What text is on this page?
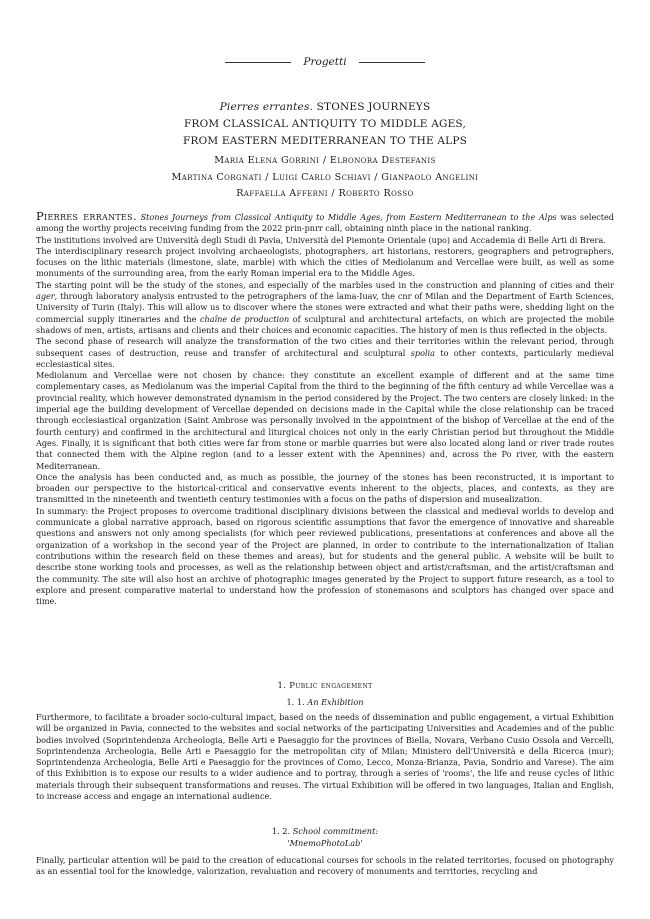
Progetti
Pierres errantes. STONES JOURNEYS
FROM CLASSICAL ANTIQUITY TO MIDDLE AGES,
FROM EASTERN MEDITERRANEAN TO THE ALPS
Maria Elena Gorrini / Elbonora Destefanis
Martina Corgnati / Luigi Carlo Schiavi / Gianpaolo Angelini
Raffaella Afferni / Roberto Rosso

Pierres errantes. Stones Journeys from Classical Antiquity to Middle Ages, from Eastern Mediterranean to the Alps was selected among the worthy projects receiving funding from the 2022 prin-pnrr call, obtaining ninth place in the national ranking.

The institutions involved are Università degli Studi di Pavia, Università del Piemonte Orientale (upo) and Accademia di Belle Arti di Brera.

The interdisciplinary research project involving archaeologists, photographers, art historians, restorers, geographers and petrographers, focuses on the lithic materials (limestone, slate, marble) with which the cities of Mediolanum and Vercellae were built, as well as some monuments of the surrounding area, from the early Roman imperial era to the Middle Ages.

The starting point will be the study of the stones, and especially of the marbles used in the construction and planning of cities and their ager, through laboratory analysis entrusted to the petrographers of the lama-Iuav, the cnr of Milan and the Department of Earth Sciences, University of Turin (Italy). This will allow us to discover where the stones were extracted and what their paths were, shedding light on the commercial supply itineraries and the chaîne de production of sculptural and architectural artefacts, on which are projected the mobile shadows of men, artists, artisans and clients and their choices and economic capacities. The history of men is thus reflected in the objects.

The second phase of research will analyze the transformation of the two cities and their territories within the relevant period, through subsequent cases of destruction, reuse and transfer of architectural and sculptural spolia to other contexts, particularly medieval ecclesiastical sites.

Mediolanum and Vercellae were not chosen by chance: they constitute an excellent example of different and at the same time complementary cases, as Mediolanum was the imperial Capital from the third to the beginning of the fifth century ad while Vercellae was a provincial reality, which however demonstrated dynamism in the period considered by the Project. The two centers are closely linked: in the imperial age the building development of Vercellae depended on decisions made in the Capital while the close relationship can be traced through ecclesiastical organization (Saint Ambrose was personally involved in the appointment of the bishop of Vercellae at the end of the fourth century) and confirmed in the architectural and liturgical choices not only in the early Christian period but throughout the Middle Ages. Finally, it is significant that both cities were far from stone or marble quarries but were also located along land or river trade routes that connected them with the Alpine region (and to a lesser extent with the Apennines) and, across the Po river, with the eastern Mediterranean.

Once the analysis has been conducted and, as much as possible, the journey of the stones has been reconstructed, it is important to broaden our perspective to the historical-critical and conservative events inherent to the objects, places, and contexts, as they are transmitted in the nineteenth and twentieth century testimonies with a focus on the paths of dispersion and musealization.

In summary: the Project proposes to overcome traditional disciplinary divisions between the classical and medieval worlds to develop and communicate a global narrative approach, based on rigorous scientific assumptions that favor the emergence of innovative and shareable questions and answers not only among specialists (for which peer reviewed publications, presentations at conferences and above all the organization of a workshop in the second year of the Project are planned, in order to contribute to the internationalization of Italian contributions within the research field on these themes and areas), but for students and the general public. A website will be built to describe stone working tools and processes, as well as the relationship between object and artist/craftsman, and the artist/craftsman and the community. The site will also host an archive of photographic images generated by the Project to support future research, as a tool to explore and present comparative material to understand how the profession of stonemasons and sculptors has changed over space and time.

1. Public engagement
1. 1. An Exhibition

Furthermore, to facilitate a broader socio-cultural impact, based on the needs of dissemination and public engagement, a virtual Exhibition will be organized in Pavia, connected to the websites and social networks of the participating Universities and Academies and of the public bodies involved (Soprintendenza Archeologia, Belle Arti e Paesaggio for the provinces of Biella, Novara, Verbano Cusio Ossola and Vercelli, Soprintendenza Archeologia, Belle Arti e Paesaggio for the metropolitan city of Milan; Ministero dell'Università e della Ricerca (mur); Soprintendenza Archeologia, Belle Arti e Paesaggio for the provinces of Como, Lecco, Monza-Brianza, Pavia, Sondrio and Varese). The aim of this Exhibition is to expose our results to a wider audience and to portray, through a series of 'rooms', the life and reuse cycles of lithic materials through their subsequent transformations and reuses. The virtual Exhibition will be offered in two languages, Italian and English, to increase access and engage an international audience.

1. 2. School commitment:
'MnemoPhotoLab'

Finally, particular attention will be paid to the creation of educational courses for schools in the related territories, focused on photography as an essential tool for the knowledge, valorization, revaluation and recovery of monuments and territories, recycling and
